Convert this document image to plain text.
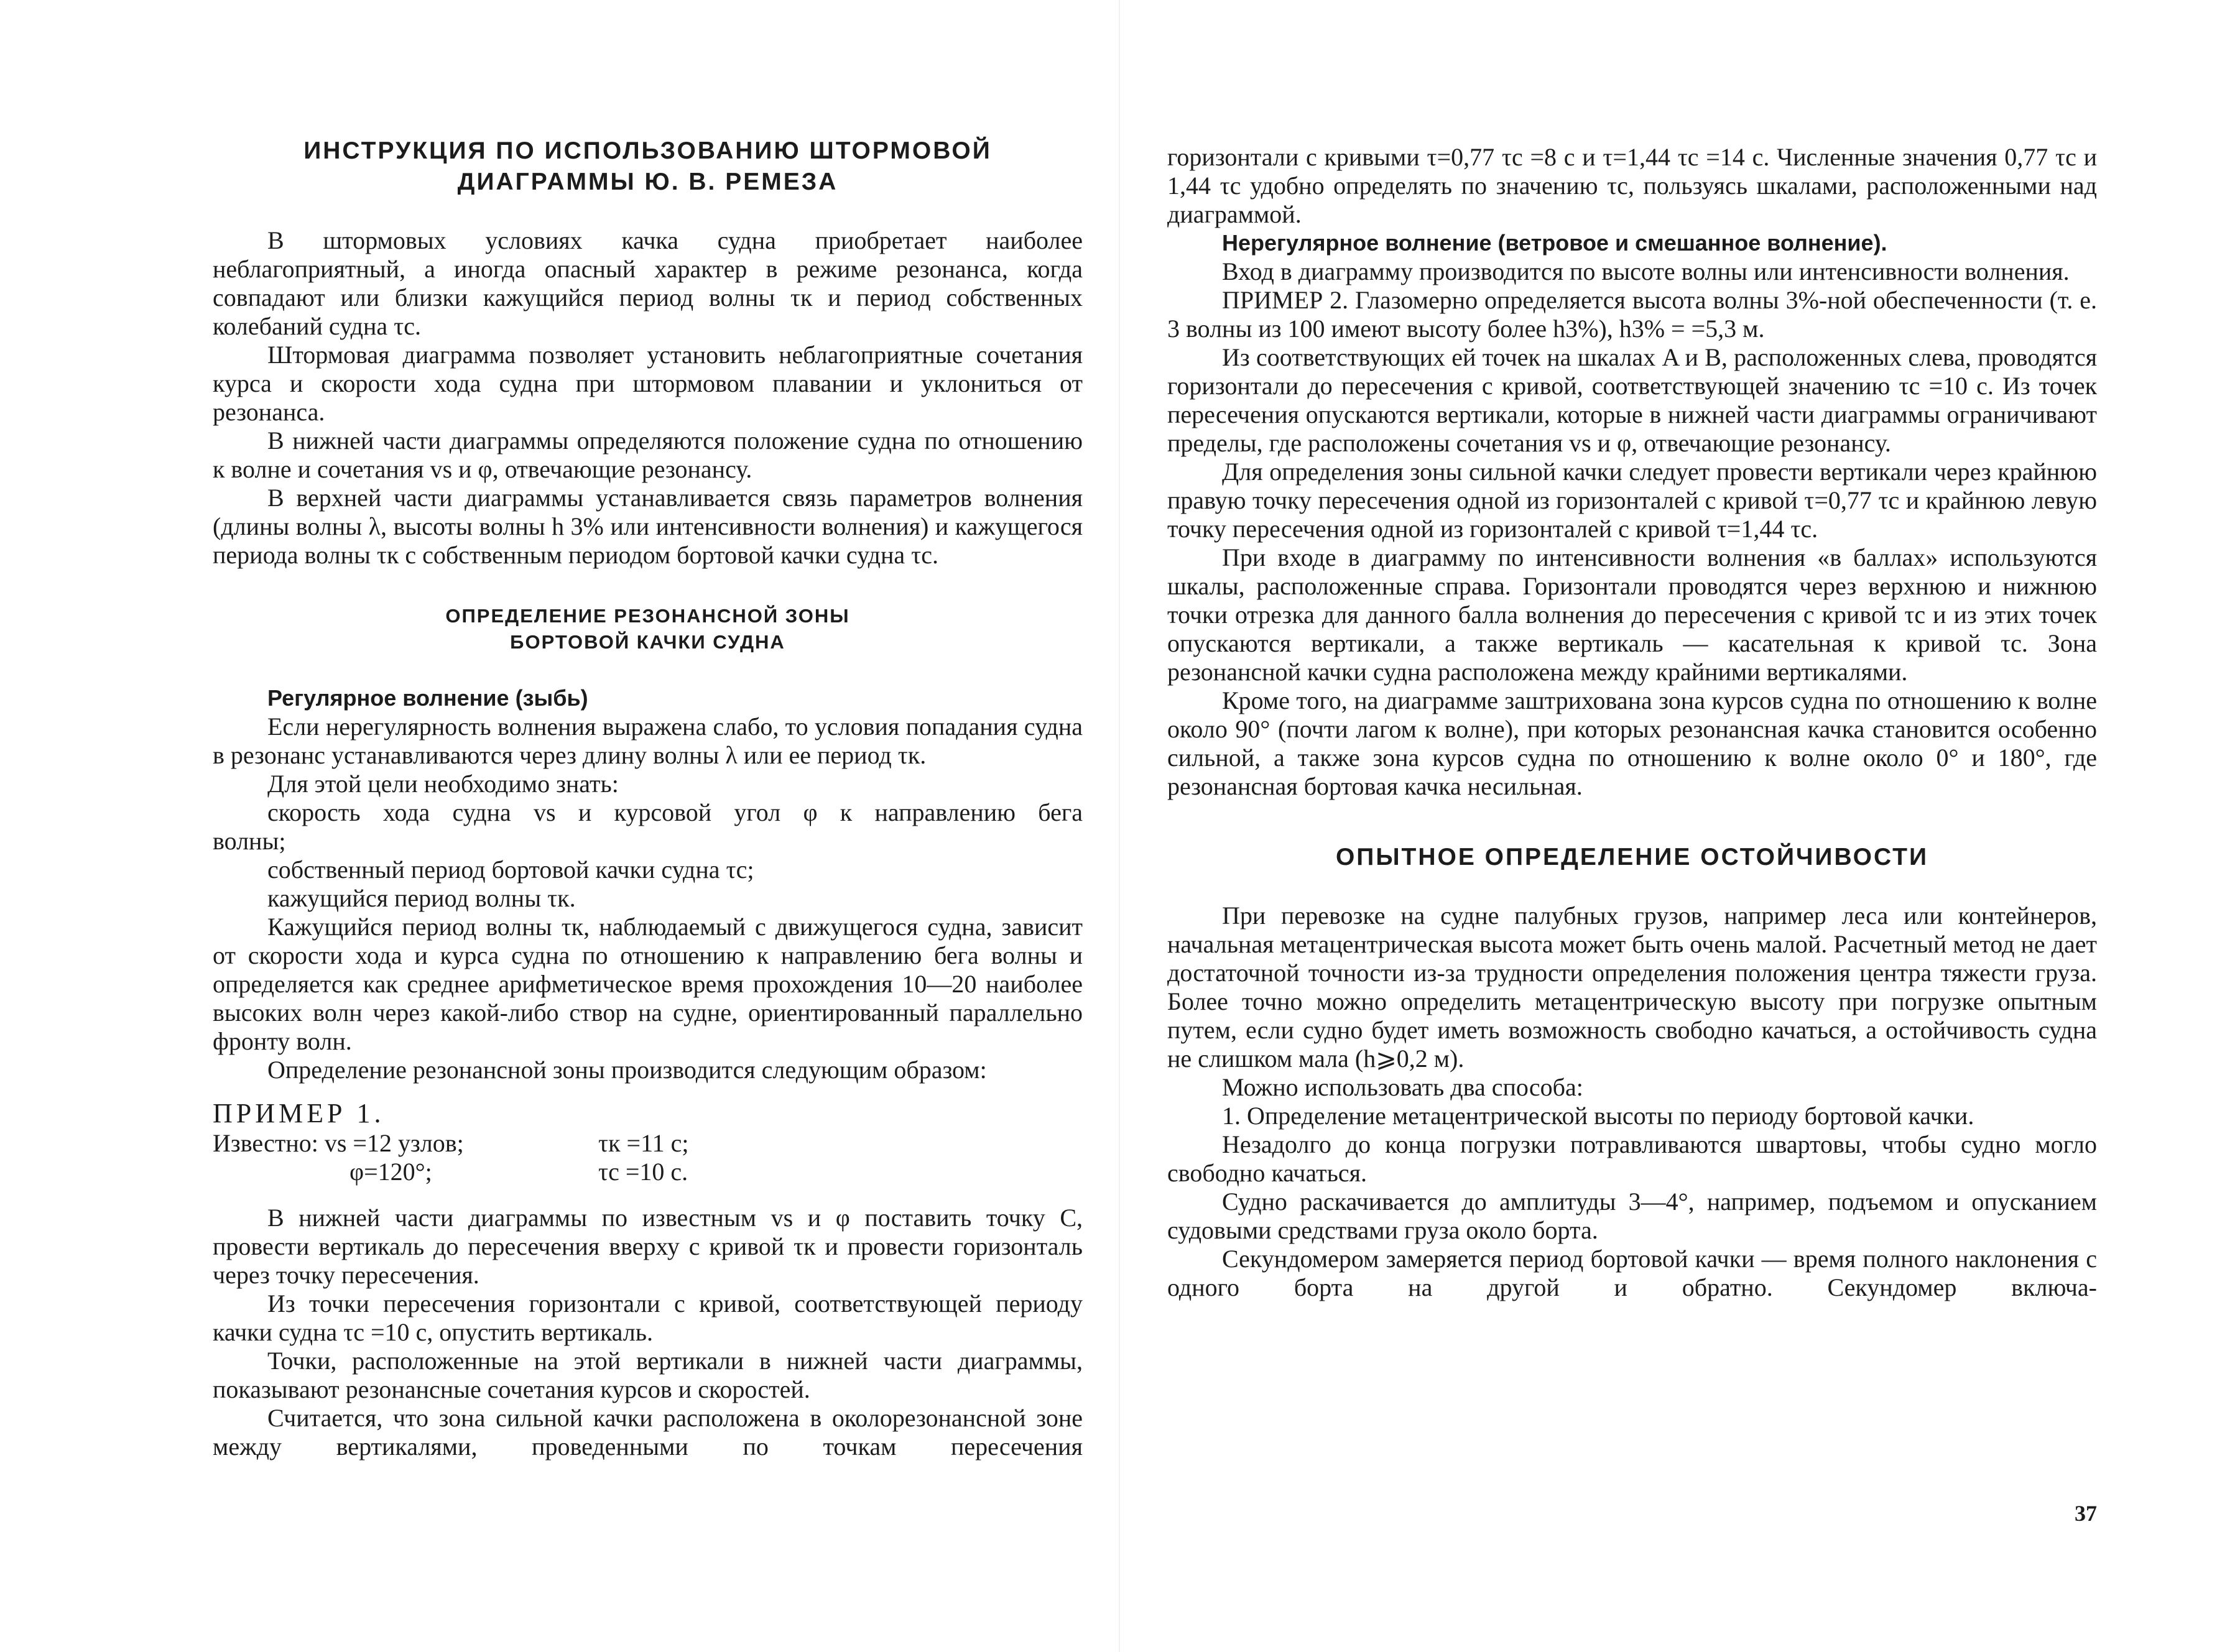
ИНСТРУКЦИЯ ПО ИСПОЛЬЗОВАНИЮ ШТОРМОВОЙ
ДИАГРАММЫ Ю. В. РЕМЕЗА

В штормовых условиях качка судна приобретает наиболее неблагоприятный, а иногда опасный характер в режиме резонанса, когда совпадают или близки кажущийся период волны τк и период собственных колебаний судна τс.

Штормовая диаграмма позволяет установить неблагоприятные сочетания курса и скорости хода судна при штормовом плавании и уклониться от резонанса.

В нижней части диаграммы определяются положение судна по отношению к волне и сочетания vs и φ, отвечающие резонансу.

В верхней части диаграммы устанавливается связь параметров волнения (длины волны λ, высоты волны h 3% или интенсивности волнения) и кажущегося периода волны τк с собственным периодом бортовой качки судна τс.

ОПРЕДЕЛЕНИЕ РЕЗОНАНСНОЙ ЗОНЫ
БОРТОВОЙ КАЧКИ СУДНА
Регулярное волнение (зыбь)

Если нерегулярность волнения выражена слабо, то условия попадания судна в резонанс устанавливаются через длину волны λ или ее период τк.

Для этой цели необходимо знать:

скорость хода судна vs и курсовой угол φ к направлению бега

волны;

собственный период бортовой качки судна τс;

кажущийся период волны τк.

Кажущийся период волны τк, наблюдаемый с движущегося судна, зависит от скорости хода и курса судна по отношению к направлению бега волны и определяется как среднее арифметическое время прохождения 10—20 наиболее высоких волн через какой-либо створ на судне, ориентированный параллельно фронту волн.

Определение резонансной зоны производится следующим образом:

ПРИМЕР 1.

Известно: vs =12 узлов;	τк =11 с;
φ=120°;	τс =10 с.

В нижней части диаграммы по известным vs и φ поставить точку C, провести вертикаль до пересечения вверху с кривой τк и провести горизонталь через точку пересечения.

Из точки пересечения горизонтали с кривой, соответствующей периоду качки судна τс =10 с, опустить вертикаль.

Точки, расположенные на этой вертикали в нижней части диаграммы, показывают резонансные сочетания курсов и скоростей.

Считается, что зона сильной качки расположена в околорезонансной зоне между вертикалями, проведенными по точкам пересечения

горизонтали с кривыми τ=0,77 τс =8 с и τ=1,44 τс =14 с. Численные значения 0,77 τс и 1,44 τс удобно определять по значению τс, пользуясь шкалами, расположенными над диаграммой.

Нерегулярное волнение (ветровое и смешанное волнение).

Вход в диаграмму производится по высоте волны или интенсивности волнения.

ПРИМЕР 2. Глазомерно определяется высота волны 3%-ной обеспеченности (т. е. 3 волны из 100 имеют высоту более h3%), h3% = =5,3 м.

Из соответствующих ей точек на шкалах A и B, расположенных слева, проводятся горизонтали до пересечения с кривой, соответствующей значению τс =10 с. Из точек пересечения опускаются вертикали, которые в нижней части диаграммы ограничивают пределы, где расположены сочетания vs и φ, отвечающие резонансу.

Для определения зоны сильной качки следует провести вертикали через крайнюю правую точку пересечения одной из горизонталей с кривой τ=0,77 τс и крайнюю левую точку пересечения одной из горизонталей с кривой τ=1,44 τс.

При входе в диаграмму по интенсивности волнения «в баллах» используются шкалы, расположенные справа. Горизонтали проводятся через верхнюю и нижнюю точки отрезка для данного балла волнения до пересечения с кривой τс и из этих точек опускаются вертикали, а также вертикаль — касательная к кривой τс. Зона резонансной качки судна расположена между крайними вертикалями.

Кроме того, на диаграмме заштрихована зона курсов судна по отношению к волне около 90° (почти лагом к волне), при которых резонансная качка становится особенно сильной, а также зона курсов судна по отношению к волне около 0° и 180°, где резонансная бортовая качка несильная.

ОПЫТНОЕ ОПРЕДЕЛЕНИЕ ОСТОЙЧИВОСТИ

При перевозке на судне палубных грузов, например леса или контейнеров, начальная метацентрическая высота может быть очень малой. Расчетный метод не дает достаточной точности из-за трудности определения положения центра тяжести груза. Более точно можно определить метацентрическую высоту при погрузке опытным путем, если судно будет иметь возможность свободно качаться, а остойчивость судна не слишком мала (h⩾0,2 м).

Можно использовать два способа:

1. Определение метацентрической высоты по периоду бортовой качки.

Незадолго до конца погрузки потравливаются швартовы, чтобы судно могло свободно качаться.

Судно раскачивается до амплитуды 3—4°, например, подъемом и опусканием судовыми средствами груза около борта.

Секундомером замеряется период бортовой качки — время полного наклонения с одного борта на другой и обратно. Секундомер включа-

37
